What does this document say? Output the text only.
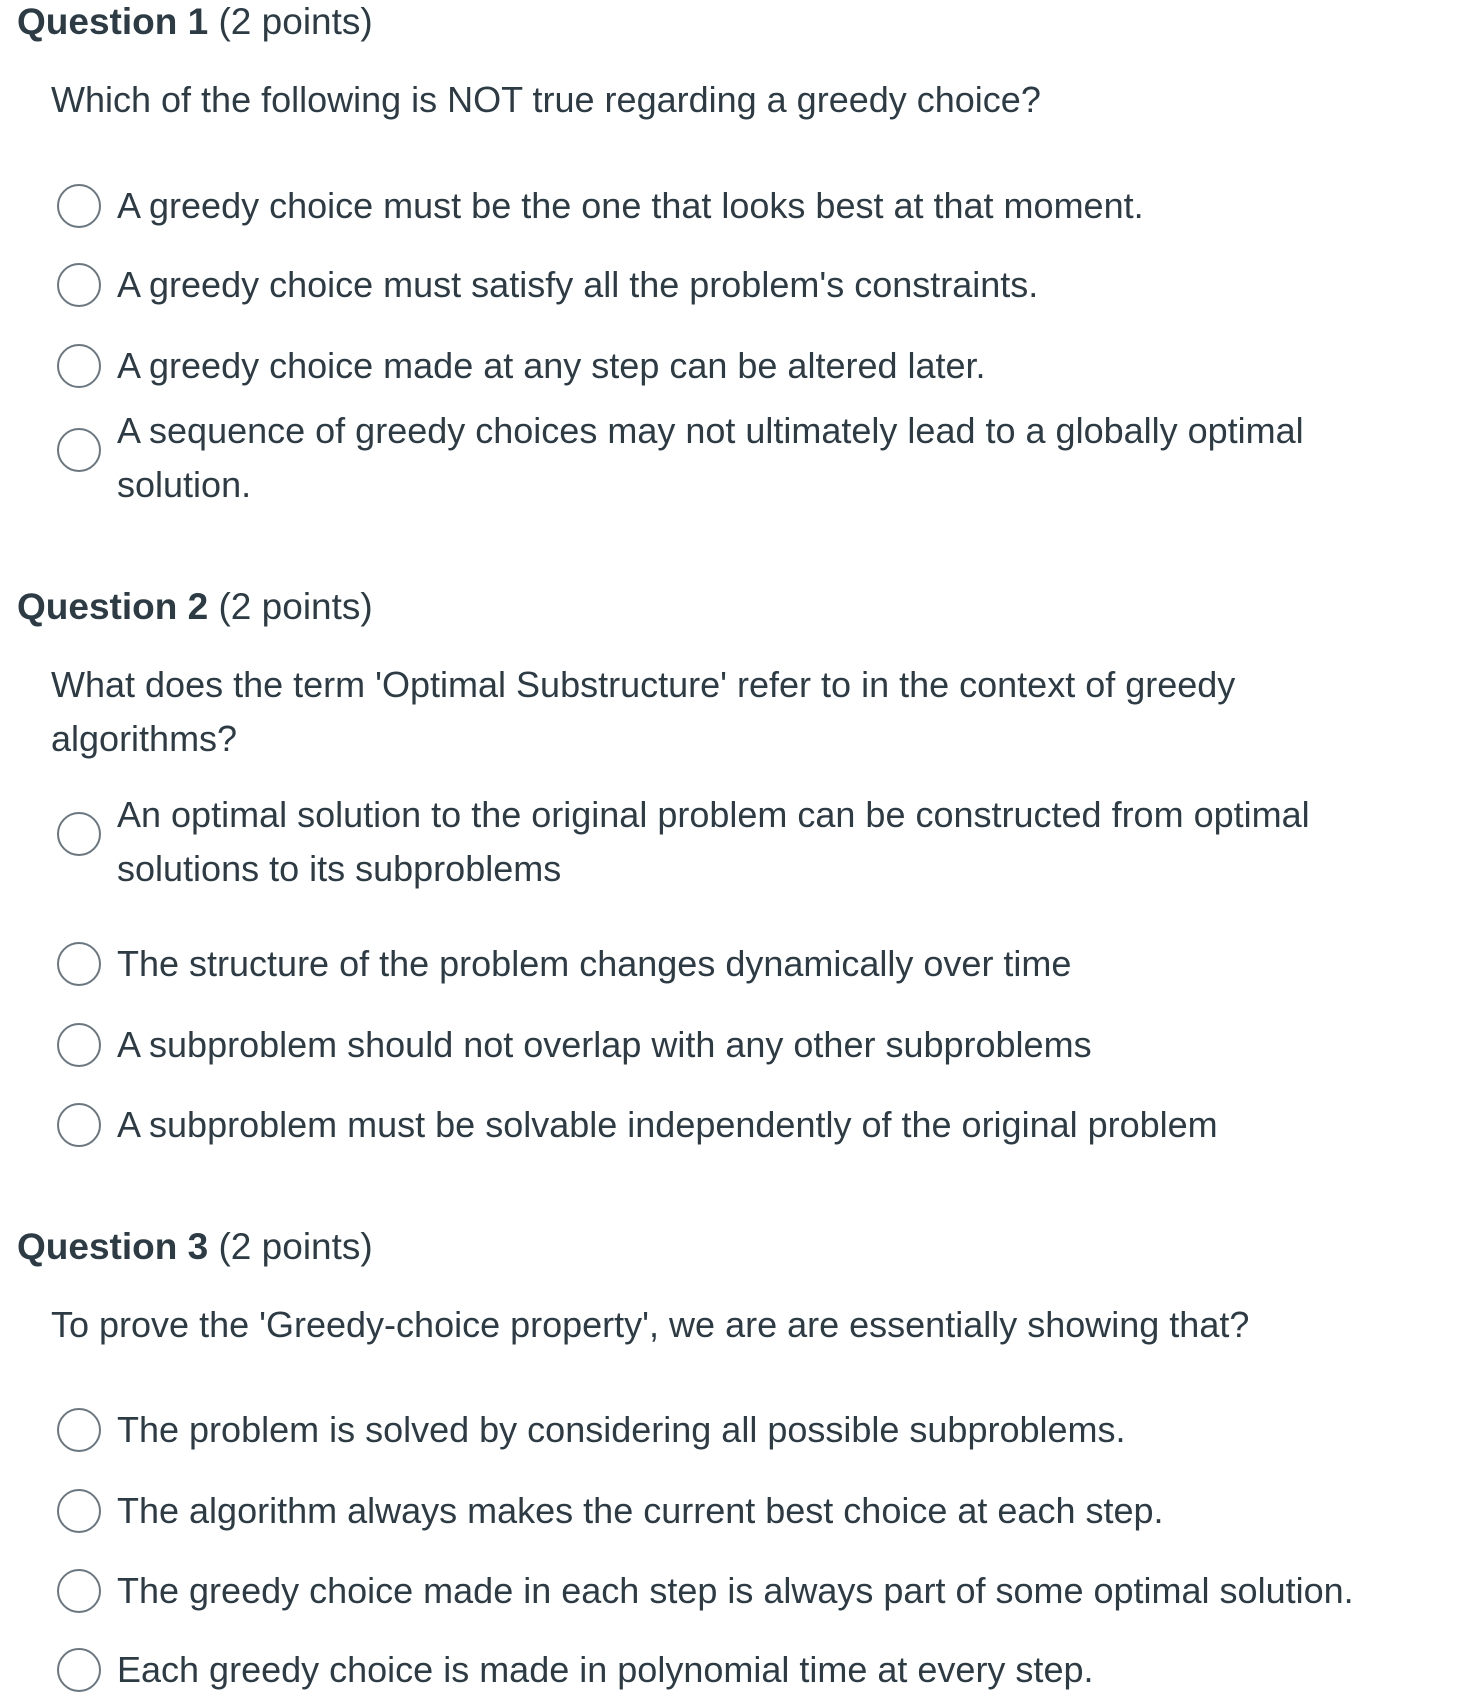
Question 1 (2 points)
Which of the following is NOT true regarding a greedy choice?
A greedy choice must be the one that looks best at that moment.
A greedy choice must satisfy all the problem's constraints.
A greedy choice made at any step can be altered later.
A sequence of greedy choices may not ultimately lead to a globally optimal solution.
Question 2 (2 points)
What does the term 'Optimal Substructure' refer to in the context of greedy algorithms?
An optimal solution to the original problem can be constructed from optimal solutions to its subproblems
The structure of the problem changes dynamically over time
A subproblem should not overlap with any other subproblems
A subproblem must be solvable independently of the original problem
Question 3 (2 points)
To prove the 'Greedy-choice property', we are are essentially showing that?
The problem is solved by considering all possible subproblems.
The algorithm always makes the current best choice at each step.
The greedy choice made in each step is always part of some optimal solution.
Each greedy choice is made in polynomial time at every step.
